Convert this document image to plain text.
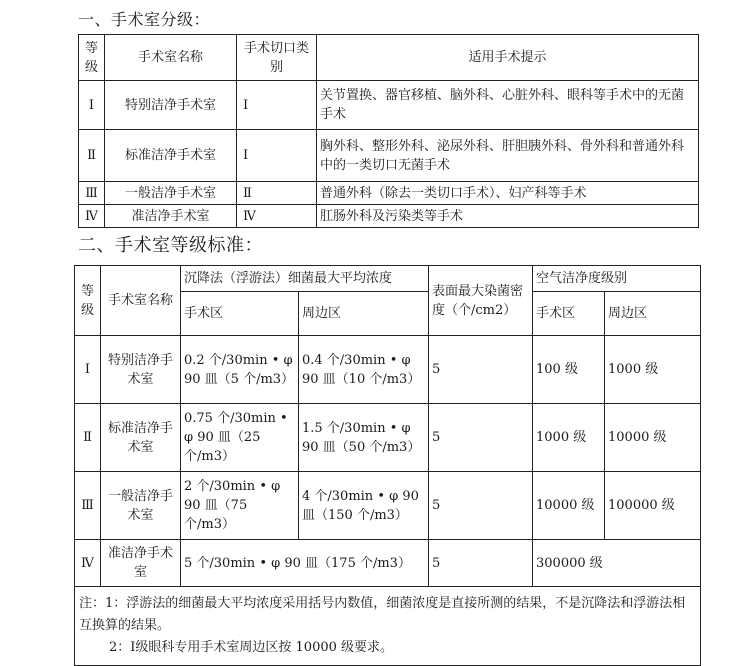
一、手术室分级：
等级	手术室名称	手术切口类别	适用手术提示
Ⅰ	特别洁净手术室	Ⅰ	关节置换、器官移植、脑外科、心脏外科、眼科等手术中的无菌手术
Ⅱ	标准洁净手术室	Ⅰ	胸外科、整形外科、泌尿外科、肝胆胰外科、骨外科和普通外科中的一类切口无菌手术
Ⅲ	一般洁净手术室	Ⅱ	普通外科（除去一类切口手术）、妇产科等手术
Ⅳ	准洁净手术室	Ⅳ	肛肠外科及污染类等手术
二、手术室等级标准：
等级	手术室名称	沉降法（浮游法）细菌最大平均浓度		表面最大染菌密度（个/cm2）	空气洁净度级别	
		手术区	周边区		手术区	周边区
Ⅰ	特别洁净手术室	0.2 个/30min • φ 90 皿（5 个/m3）	0.4 个/30min • φ 90 皿（10 个/m3）	5	100 级	1000 级
Ⅱ	标准洁净手术室	0.75 个/30min • φ 90 皿（25 个/m3）	1.5 个/30min • φ 90 皿（50 个/m3）	5	1000 级	10000 级
Ⅲ	一般洁净手术室	2 个/30min • φ 90 皿（75 个/m3）	4 个/30min • φ 90 皿（150 个/m3）	5	10000 级	100000 级
Ⅳ	准洁净手术室	5 个/30min • φ 90 皿（175 个/m3）		5	300000 级	

注：1：浮游法的细菌最大平均浓度采用括号内数值，细菌浓度是直接所测的结果，不是沉降法和浮游法相互换算的结果。
2：Ⅰ级眼科专用手术室周边区按 10000 级要求。						
